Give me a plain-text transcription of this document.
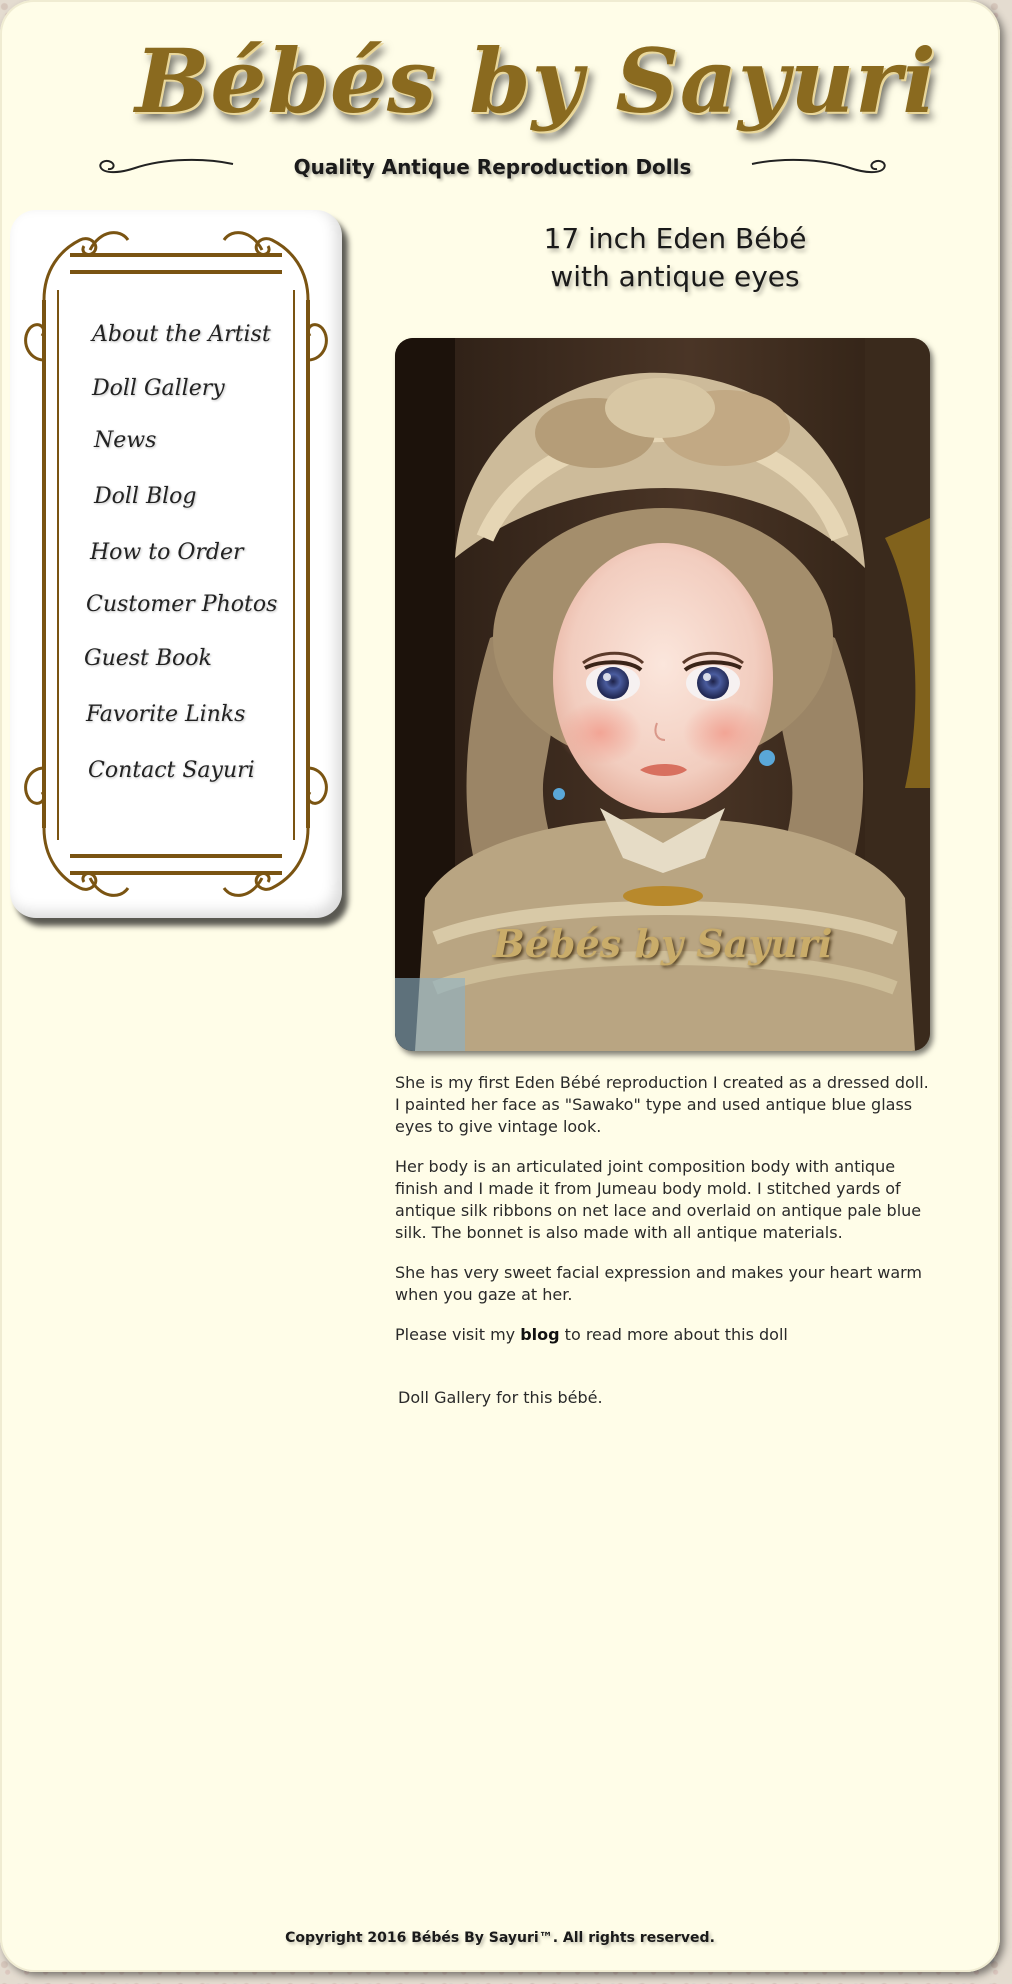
Bébés by Sayuri
Quality Antique Reproduction Dolls
About the Artist
Doll Gallery
News
Doll Blog
How to Order
Customer Photos
Guest Book
Favorite Links
Contact Sayuri
17 inch Eden Bébé
with antique eyes
Bébés by Sayuri

She is my first Eden Bébé reproduction I created as a dressed doll. I painted her face as "Sawako" type and used antique blue glass eyes to give vintage look.

Her body is an articulated joint composition body with antique finish and I made it from Jumeau body mold. I stitched yards of antique silk ribbons on net lace and overlaid on antique pale blue silk. The bonnet is also made with all antique materials.

She has very sweet facial expression and makes your heart warm when you gaze at her.

Please visit my blog to read more about this doll

Doll Gallery for this bébé.
Copyright 2016 Bébés By Sayuri™. All rights reserved.
